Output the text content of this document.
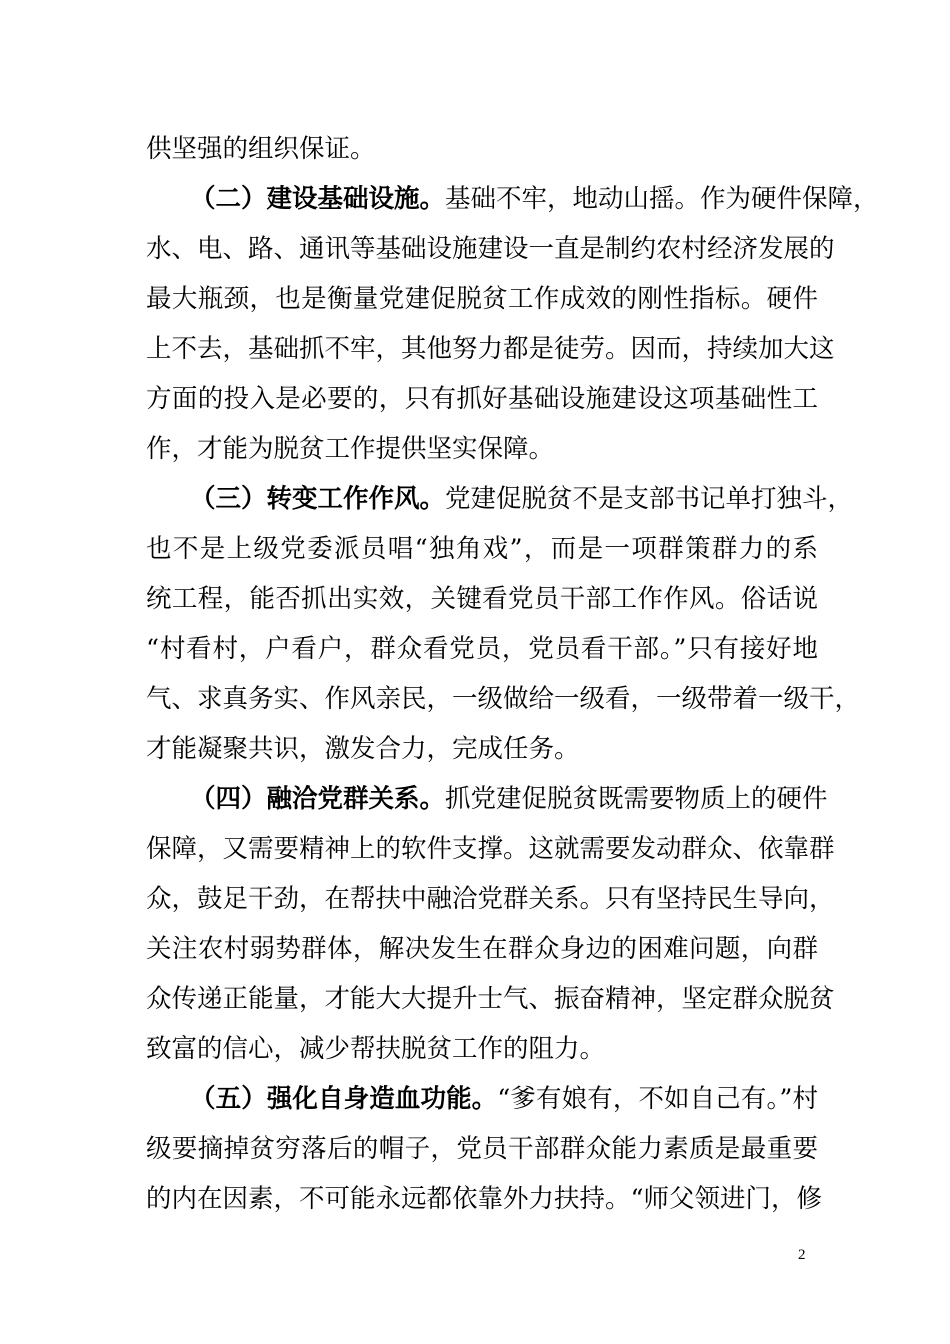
供坚强的组织保证。
（二）建设基础设施。基础不牢，地动山摇。作为硬件保障，
水、电、路、通讯等基础设施建设一直是制约农村经济发展的
最大瓶颈，也是衡量党建促脱贫工作成效的刚性指标。硬件
上不去，基础抓不牢，其他努力都是徒劳。因而，持续加大这
方面的投入是必要的，只有抓好基础设施建设这项基础性工
作，才能为脱贫工作提供坚实保障。
（三）转变工作作风。党建促脱贫不是支部书记单打独斗，
也不是上级党委派员唱“独角戏”，而是一项群策群力的系
统工程，能否抓出实效，关键看党员干部工作作风。俗话说
“村看村，户看户，群众看党员，党员看干部。”只有接好地
气、求真务实、作风亲民，一级做给一级看，一级带着一级干，
才能凝聚共识，激发合力，完成任务。
（四）融洽党群关系。抓党建促脱贫既需要物质上的硬件
保障，又需要精神上的软件支撑。这就需要发动群众、依靠群
众，鼓足干劲，在帮扶中融洽党群关系。只有坚持民生导向，
关注农村弱势群体，解决发生在群众身边的困难问题，向群
众传递正能量，才能大大提升士气、振奋精神，坚定群众脱贫
致富的信心，减少帮扶脱贫工作的阻力。
（五）强化自身造血功能。“爹有娘有，不如自己有。”村
级要摘掉贫穷落后的帽子，党员干部群众能力素质是最重要
的内在因素，不可能永远都依靠外力扶持。“师父领进门，修
2
